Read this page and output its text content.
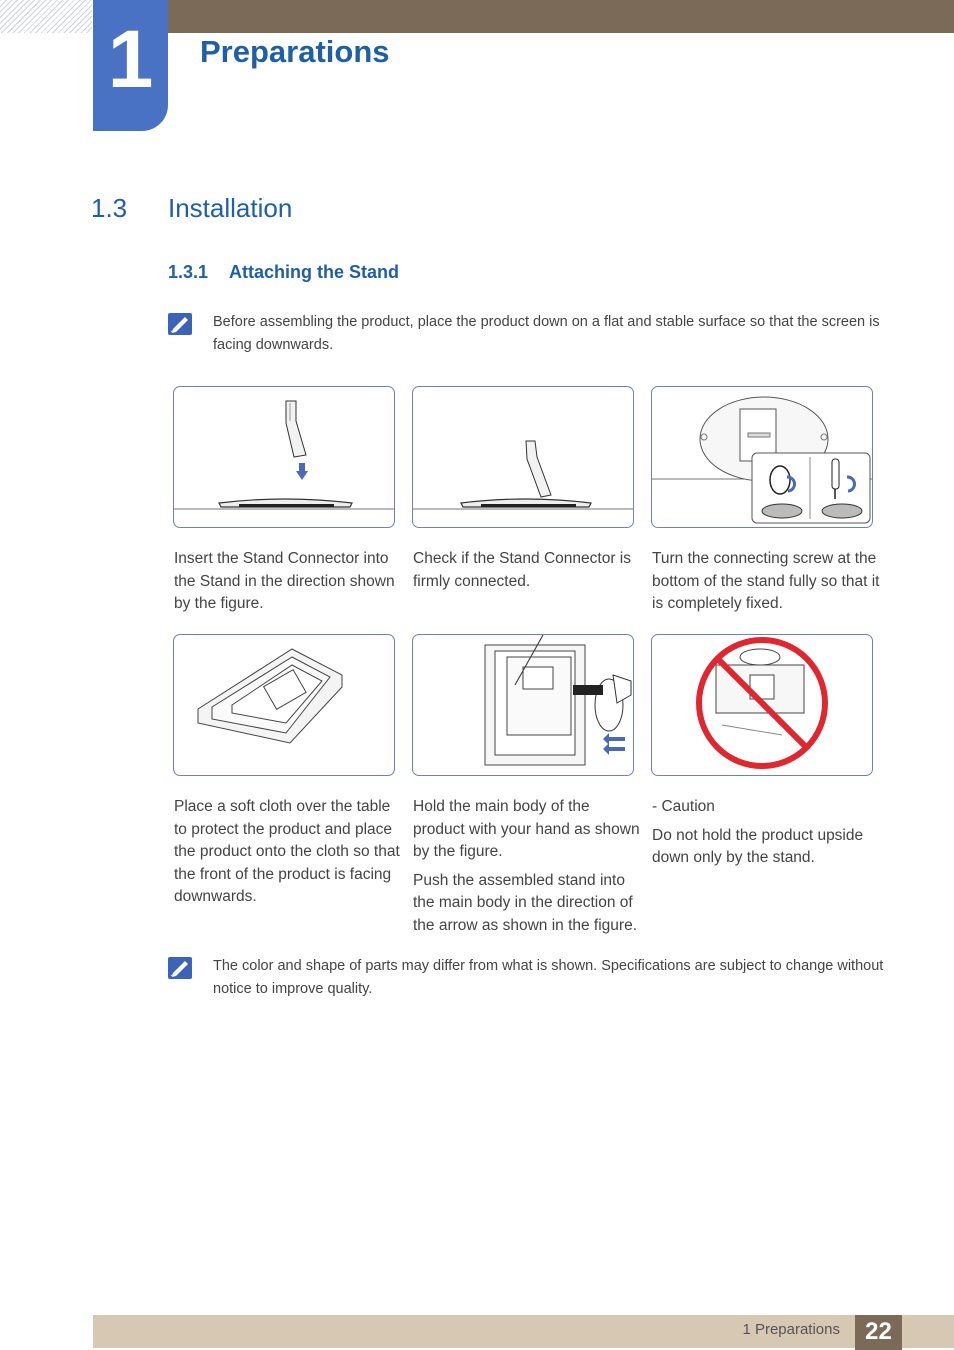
1	Preparations
1.3 Installation
1.3.1 Attaching the Stand
Before assembling the product, place the product down on a flat and stable surface so that the screen is facing downwards.

Insert the Stand Connector into the Stand in the direction shown by the figure.

Check if the Stand Connector is firmly connected.

Turn the connecting screw at the bottom of the stand fully so that it is completely fixed.

Place a soft cloth over the table to protect the product and place the product onto the cloth so that the front of the product is facing downwards.

Hold the main body of the product with your hand as shown by the figure.

Push the assembled stand into the main body in the direction of the arrow as shown in the figure.

- Caution

Do not hold the product upside down only by the stand.

The color and shape of parts may differ from what is shown. Specifications are subject to change without notice to improve quality.
1 Preparations	22
